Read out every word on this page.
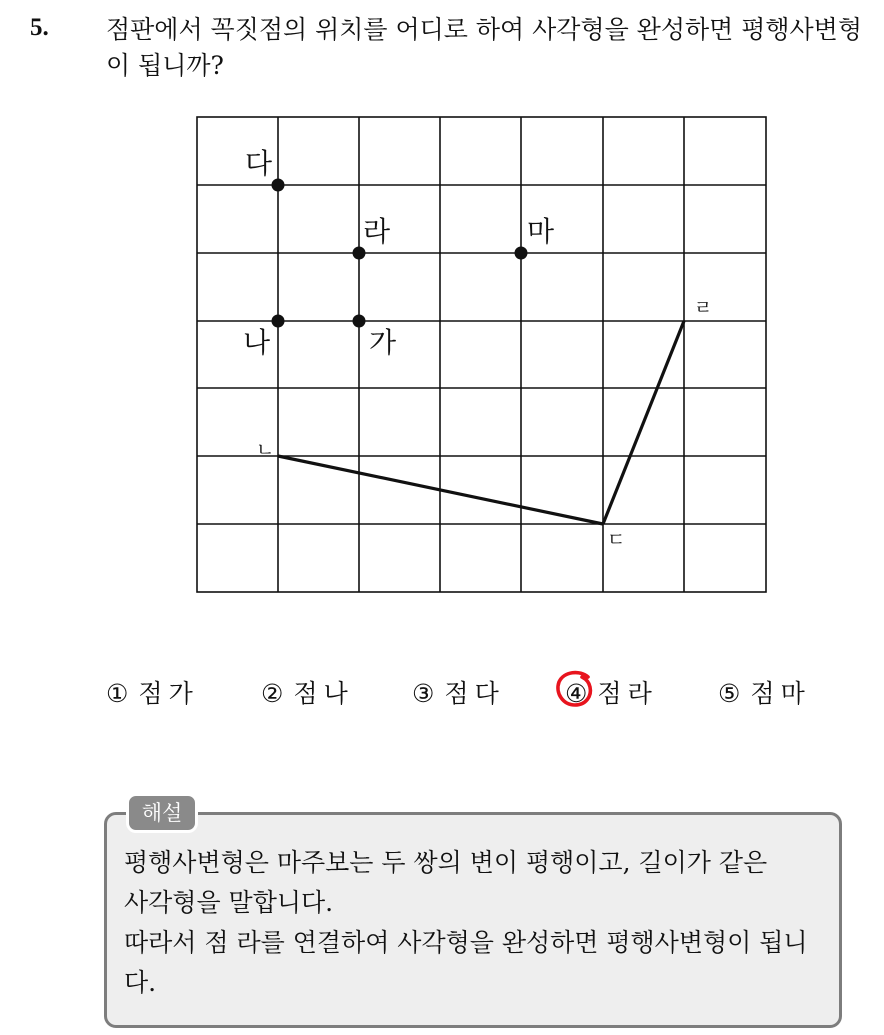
5. 점판에서 꼭짓점의 위치를 어디로 하여 사각형을 완성하면 평행사변형이 됩니까?

다
라	마
나	가
ㄴ
ㄷ
ㄹ
① 점가 ② 점나 ③ 점다 ④ 점라 ⑤ 점마
해설
평행사변형은 마주보는 두 쌍의 변이 평행이고, 길이가 같은
사각형을 말합니다.
따라서 점 라를 연결하여 사각형을 완성하면 평행사변형이 됩니
다.
